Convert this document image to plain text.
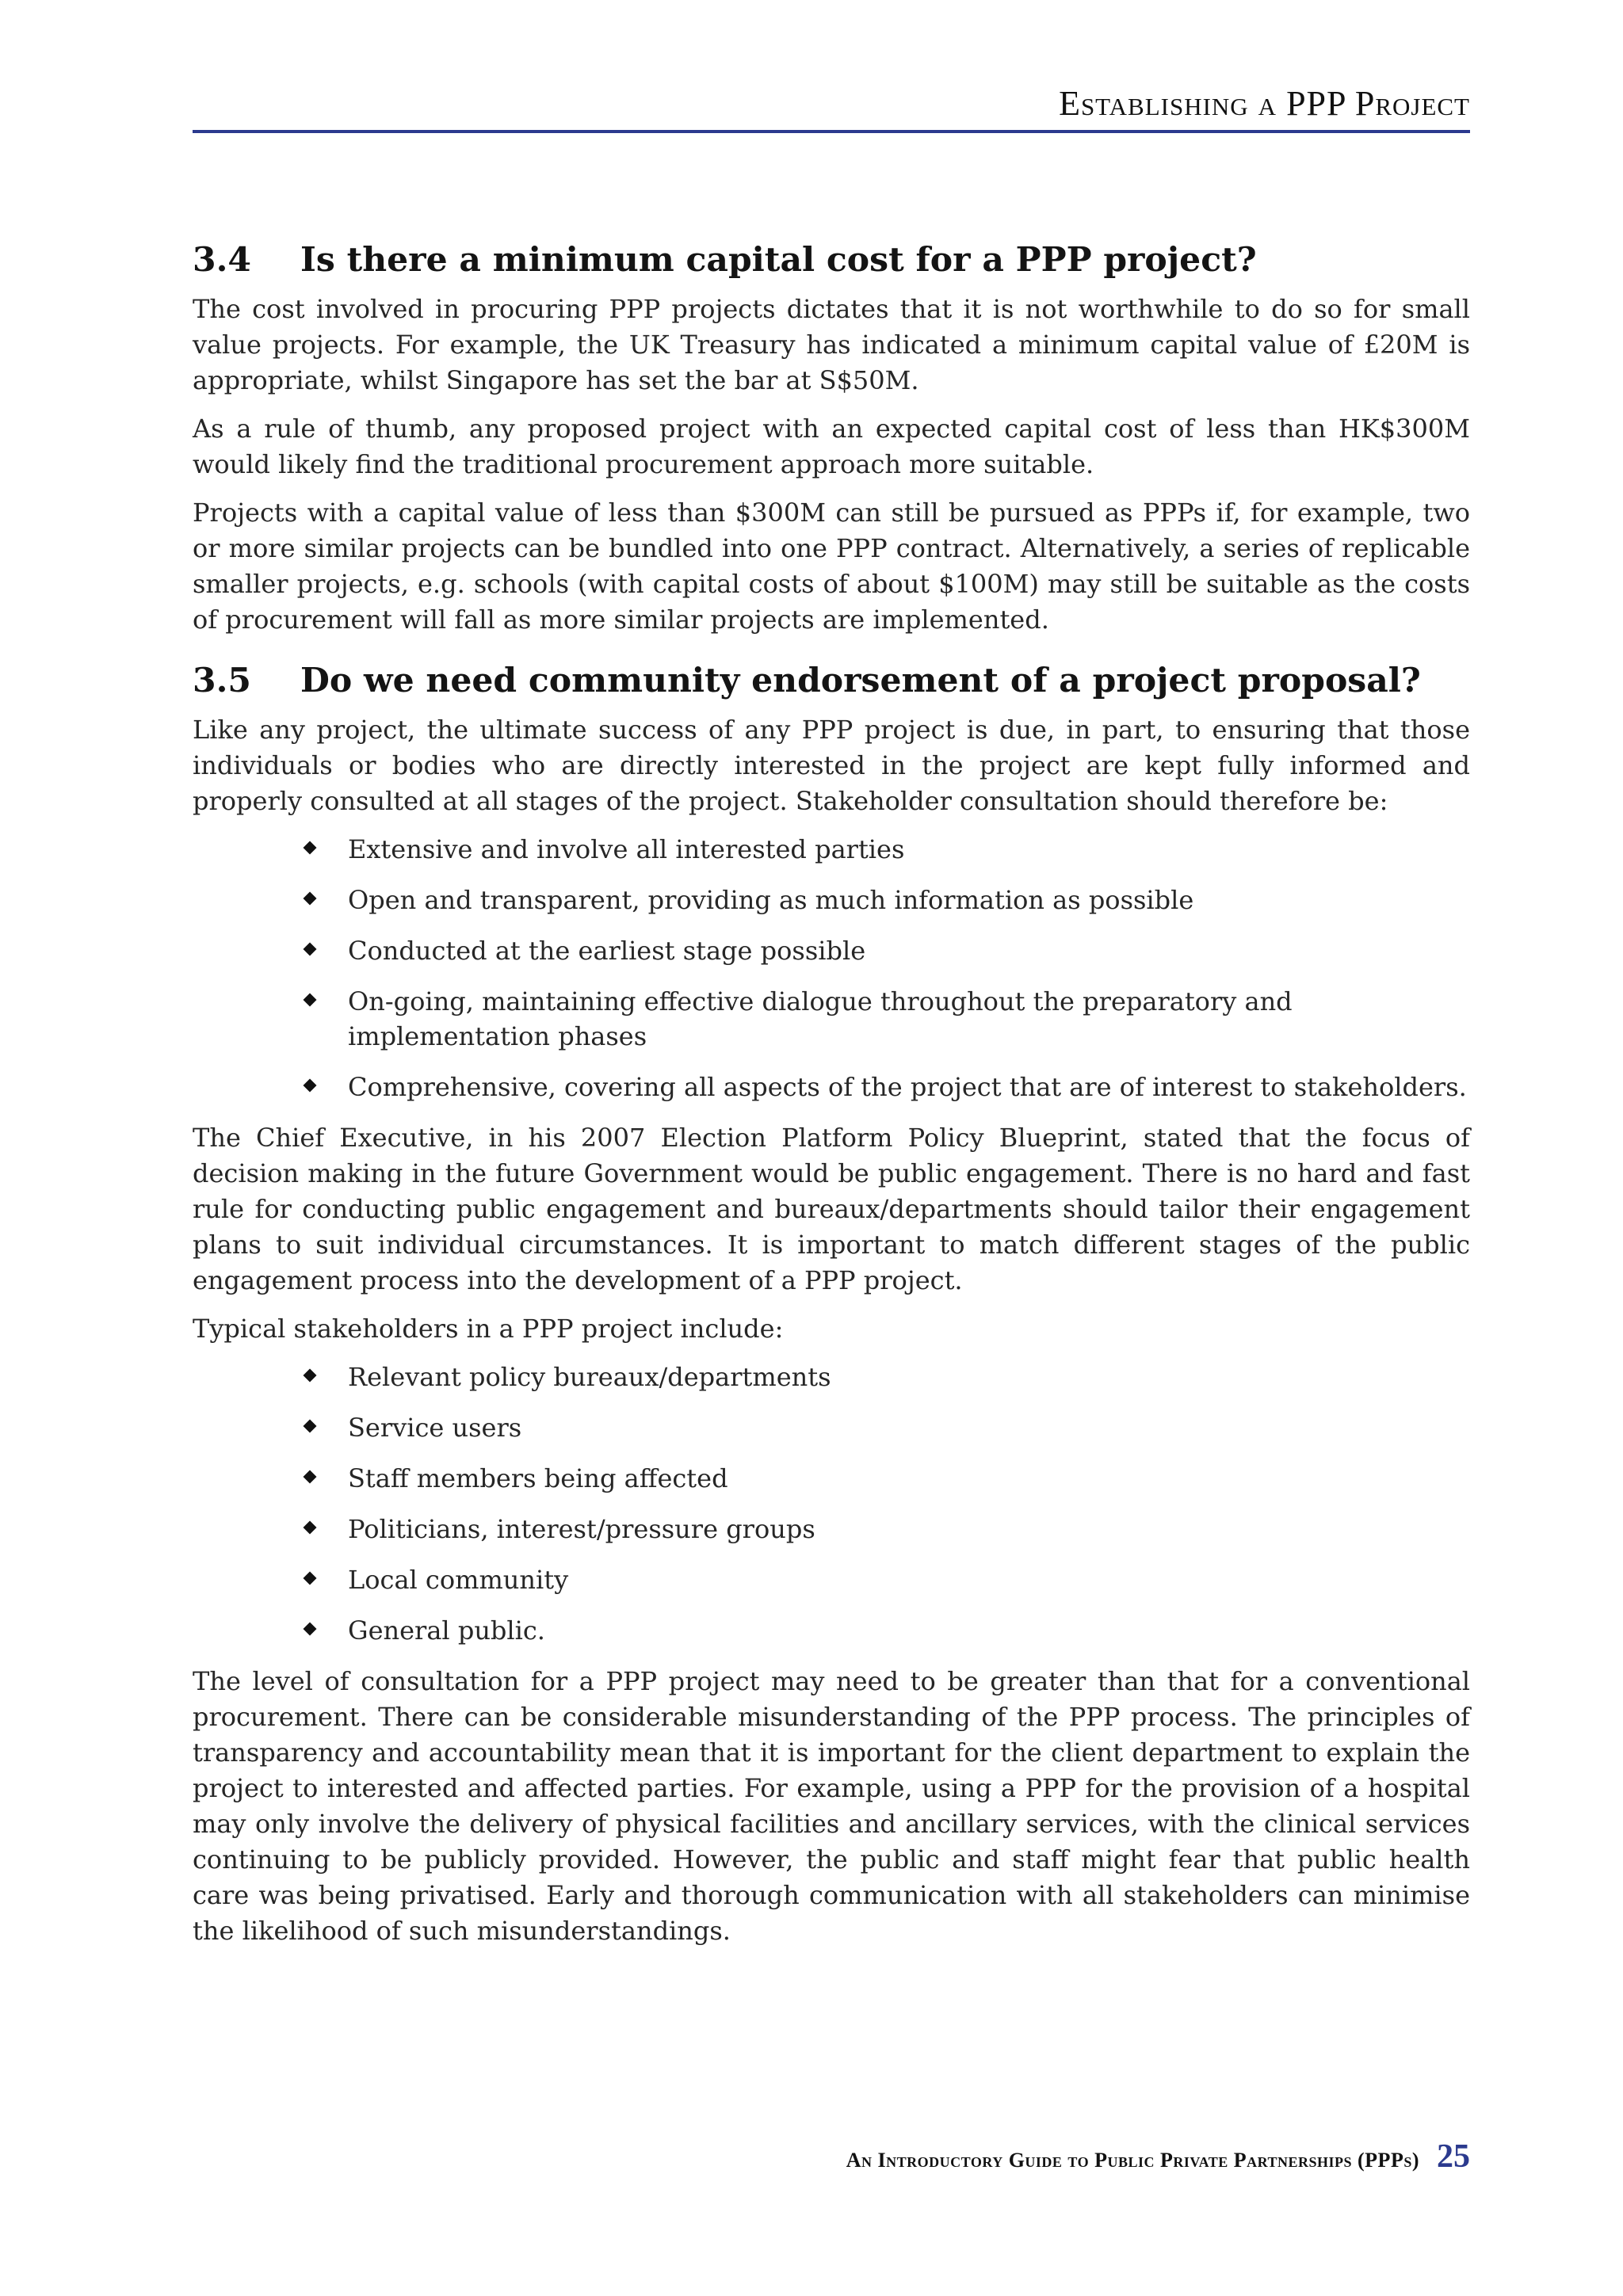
Establishing a PPP Project
3.4	Is there a minimum capital cost for a PPP project?

The cost involved in procuring PPP projects dictates that it is not worthwhile to do so for small value projects. For example, the UK Treasury has indicated a minimum capital value of £20M is appropriate, whilst Singapore has set the bar at S$50M.

As a rule of thumb, any proposed project with an expected capital cost of less than HK$300M would likely find the traditional procurement approach more suitable.

Projects with a capital value of less than $300M can still be pursued as PPPs if, for example, two or more similar projects can be bundled into one PPP contract. Alternatively, a series of replicable smaller projects, e.g. schools (with capital costs of about $100M) may still be suitable as the costs of procurement will fall as more similar projects are implemented.

3.5	Do we need community endorsement of a project proposal?

Like any project, the ultimate success of any PPP project is due, in part, to ensuring that those individuals or bodies who are directly interested in the project are kept fully informed and properly consulted at all stages of the project. Stakeholder consultation should therefore be:

Extensive and involve all interested parties
Open and transparent, providing as much information as possible
Conducted at the earliest stage possible
On-going, maintaining effective dialogue throughout the preparatory and implementation phases
Comprehensive, covering all aspects of the project that are of interest to stakeholders.

The Chief Executive, in his 2007 Election Platform Policy Blueprint, stated that the focus of decision making in the future Government would be public engagement. There is no hard and fast rule for conducting public engagement and bureaux/departments should tailor their engagement plans to suit individual circumstances. It is important to match different stages of the public engagement process into the development of a PPP project.

Typical stakeholders in a PPP project include:

Relevant policy bureaux/departments
Service users
Staff members being affected
Politicians, interest/pressure groups
Local community
General public.

The level of consultation for a PPP project may need to be greater than that for a conventional procurement. There can be considerable misunderstanding of the PPP process. The principles of transparency and accountability mean that it is important for the client department to explain the project to interested and affected parties. For example, using a PPP for the provision of a hospital may only involve the delivery of physical facilities and ancillary services, with the clinical services continuing to be publicly provided. However, the public and staff might fear that public health care was being privatised. Early and thorough communication with all stakeholders can minimise the likelihood of such misunderstandings.

An Introductory Guide to Public Private Partnerships (PPPs) 25
